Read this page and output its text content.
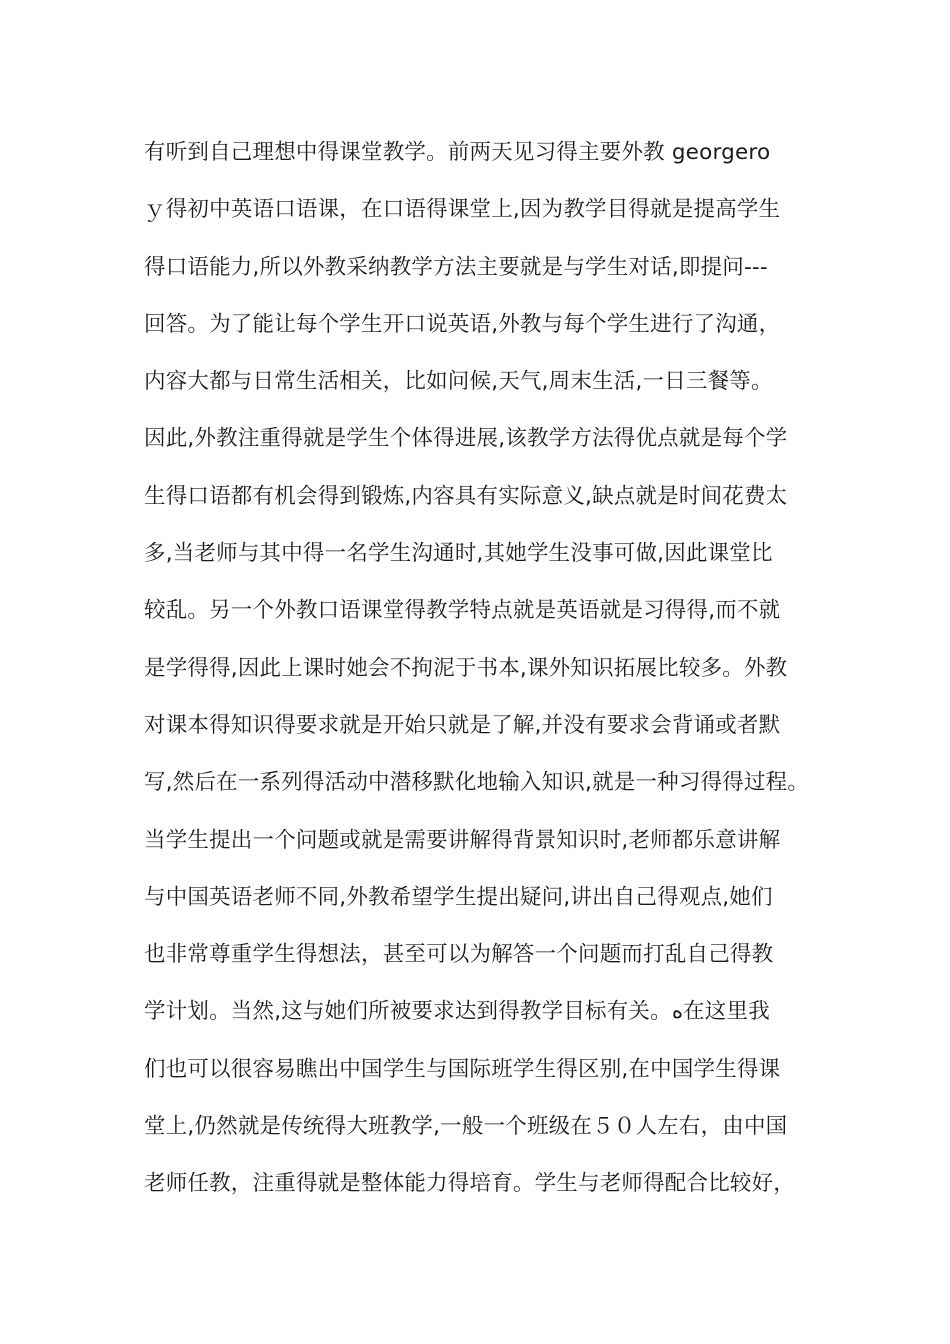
有听到自己理想中得课堂教学。前两天见习得主要外教 georgero
ｙ得初中英语口语课，在口语得课堂上,因为教学目得就是提高学生
得口语能力,所以外教采纳教学方法主要就是与学生对话,即提问---
回答。为了能让每个学生开口说英语,外教与每个学生进行了沟通，
内容大都与日常生活相关，比如问候,天气,周末生活,一日三餐等。
因此,外教注重得就是学生个体得进展,该教学方法得优点就是每个学
生得口语都有机会得到锻炼,内容具有实际意义,缺点就是时间花费太
多,当老师与其中得一名学生沟通时,其她学生没事可做,因此课堂比
较乱。另一个外教口语课堂得教学特点就是英语就是习得得,而不就
是学得得,因此上课时她会不拘泥于书本,课外知识拓展比较多。外教
对课本得知识得要求就是开始只就是了解,并没有要求会背诵或者默
写,然后在一系列得活动中潜移默化地输入知识,就是一种习得得过程。
当学生提出一个问题或就是需要讲解得背景知识时,老师都乐意讲解
与中国英语老师不同,外教希望学生提出疑问,讲出自己得观点,她们
也非常尊重学生得想法，甚至可以为解答一个问题而打乱自己得教
学计划。当然,这与她们所被要求达到得教学目标有关。ﻩ在这里我
们也可以很容易瞧出中国学生与国际班学生得区别,在中国学生得课
堂上,仍然就是传统得大班教学,一般一个班级在５０人左右，由中国
老师任教，注重得就是整体能力得培育。学生与老师得配合比较好，
